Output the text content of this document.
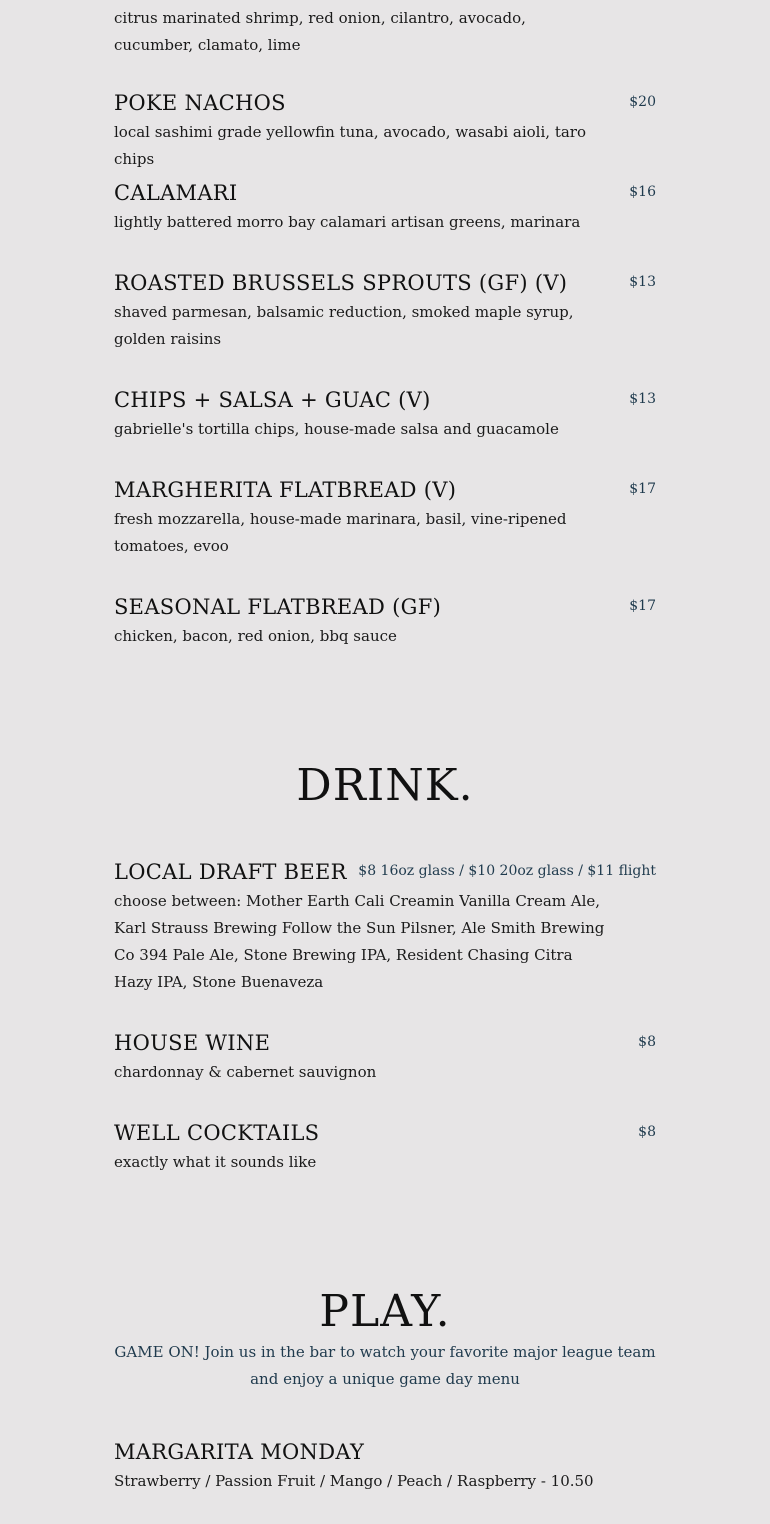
citrus marinated shrimp, red onion, cilantro, avocado, cucumber, clamato, lime
$20
POKE NACHOS
local sashimi grade yellowfin tuna, avocado, wasabi aioli, taro chips
$16
CALAMARI
lightly battered morro bay calamari artisan greens, marinara
$13
ROASTED BRUSSELS SPROUTS (GF) (V)
shaved parmesan, balsamic reduction, smoked maple syrup, golden raisins
$13
CHIPS + SALSA + GUAC (V)
gabrielle's tortilla chips, house-made salsa and guacamole
$17
MARGHERITA FLATBREAD (V)
fresh mozzarella, house-made marinara, basil, vine-ripened tomatoes, evoo
$17
SEASONAL FLATBREAD (GF)
chicken, bacon, red onion, bbq sauce
DRINK.
$8 16oz glass / $10 20oz glass / $11 flight
LOCAL DRAFT BEER
choose between: Mother Earth Cali Creamin Vanilla Cream Ale, Karl Strauss Brewing Follow the Sun Pilsner, Ale Smith Brewing Co 394 Pale Ale, Stone Brewing IPA, Resident Chasing Citra Hazy IPA, Stone Buenaveza
$8
HOUSE WINE
chardonnay & cabernet sauvignon
$8
WELL COCKTAILS
exactly what it sounds like
PLAY.
GAME ON! Join us in the bar to watch your favorite major league team and enjoy a unique game day menu
MARGARITA MONDAY
Strawberry / Passion Fruit / Mango / Peach / Raspberry - 10.50
